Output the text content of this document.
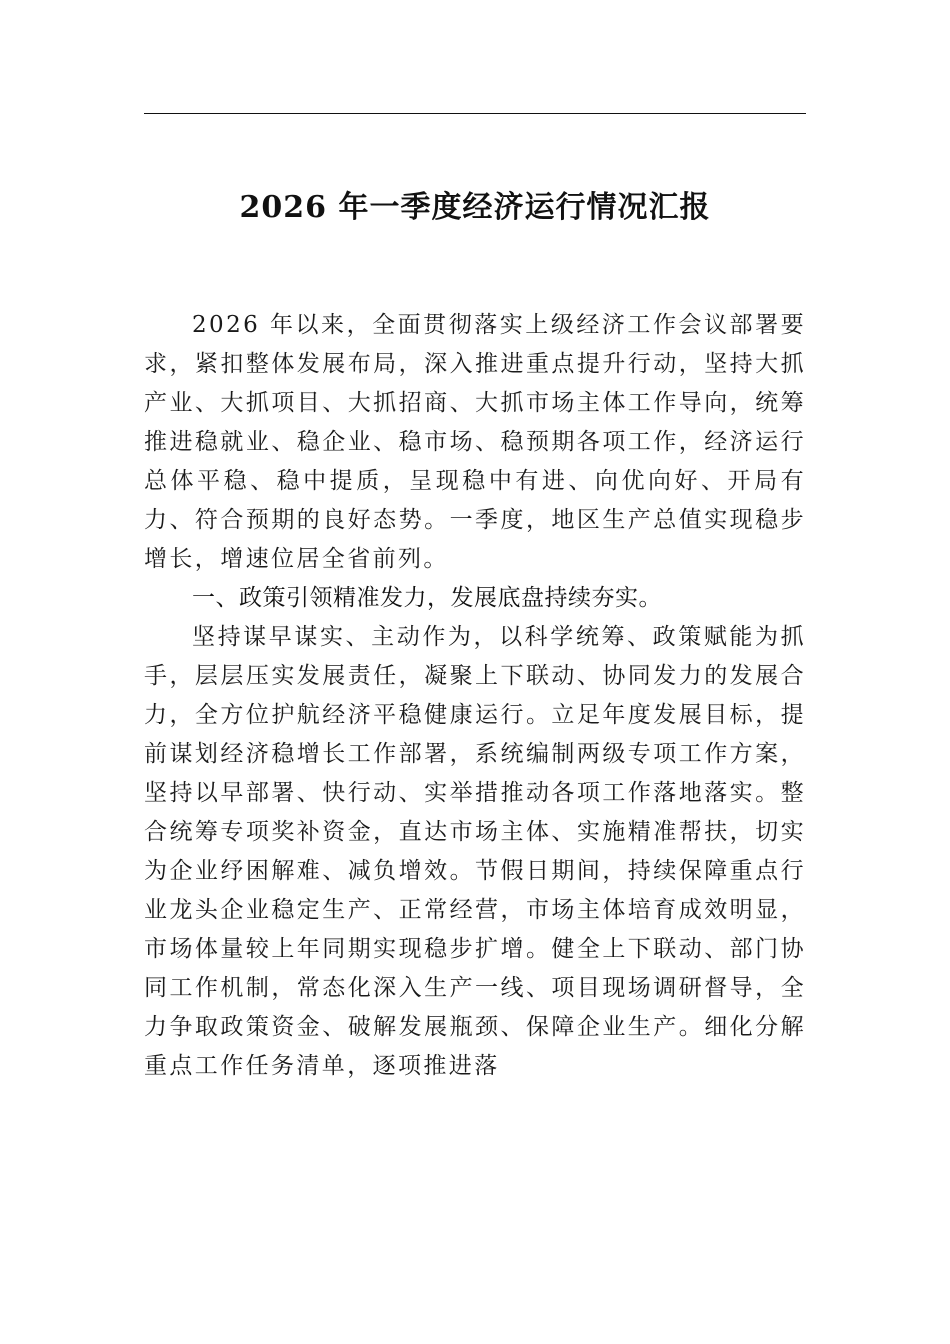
2026 年一季度经济运行情况汇报

2026 年以来，全面贯彻落实上级经济工作会议部署要求，紧扣整体发展布局，深入推进重点提升行动，坚持大抓产业、大抓项目、大抓招商、大抓市场主体工作导向，统筹推进稳就业、稳企业、稳市场、稳预期各项工作，经济运行总体平稳、稳中提质，呈现稳中有进、向优向好、开局有力、符合预期的良好态势。一季度，地区生产总值实现稳步增长，增速位居全省前列。

一、政策引领精准发力，发展底盘持续夯实。

坚持谋早谋实、主动作为，以科学统筹、政策赋能为抓手，层层压实发展责任，凝聚上下联动、协同发力的发展合力，全方位护航经济平稳健康运行。立足年度发展目标，提前谋划经济稳增长工作部署，系统编制两级专项工作方案，坚持以早部署、快行动、实举措推动各项工作落地落实。整合统筹专项奖补资金，直达市场主体、实施精准帮扶，切实为企业纾困解难、减负增效。节假日期间，持续保障重点行业龙头企业稳定生产、正常经营，市场主体培育成效明显，市场体量较上年同期实现稳步扩增。健全上下联动、部门协同工作机制，常态化深入生产一线、项目现场调研督导，全力争取政策资金、破解发展瓶颈、保障企业生产。细化分解重点工作任务清单，逐项推进落
